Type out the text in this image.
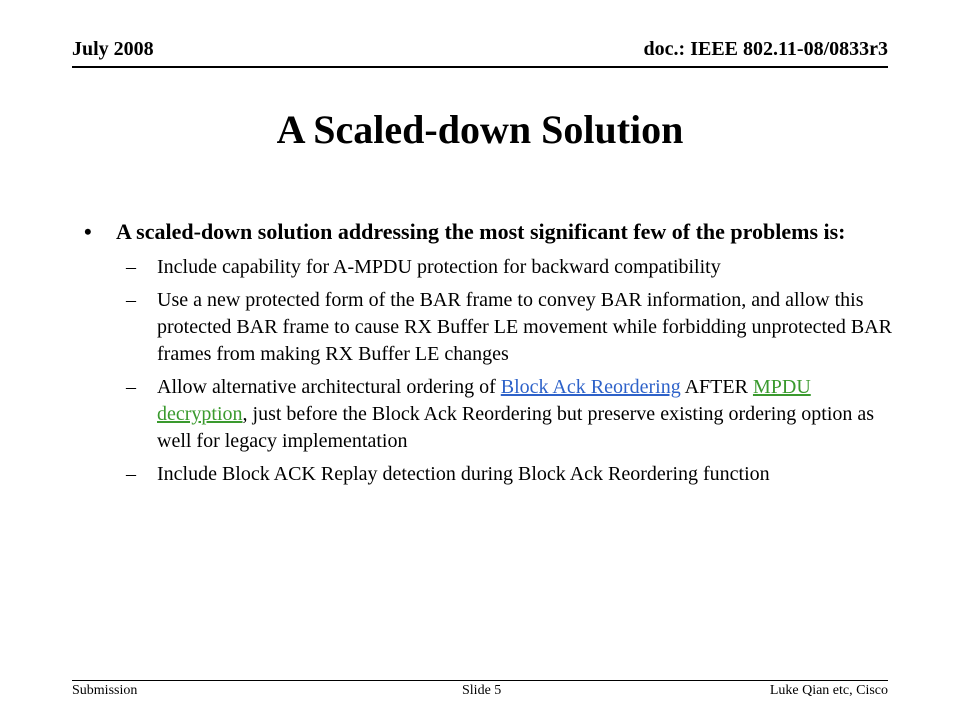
July 2008	doc.: IEEE 802.11-08/0833r3
A Scaled-down Solution
• A scaled-down solution addressing the most significant few of the problems is:
– Include capability for A-MPDU protection for backward compatibility
– Use a new protected form of the BAR frame to convey BAR information, and allow this protected BAR frame to cause RX Buffer LE movement while forbidding unprotected BAR frames from making RX Buffer LE changes
– Allow alternative architectural ordering of Block Ack Reordering AFTER MPDU decryption, just before the Block Ack Reordering but preserve existing ordering option as well for legacy implementation
– Include Block ACK Replay detection during Block Ack Reordering function
Submission	Slide 5	Luke Qian etc, Cisco
